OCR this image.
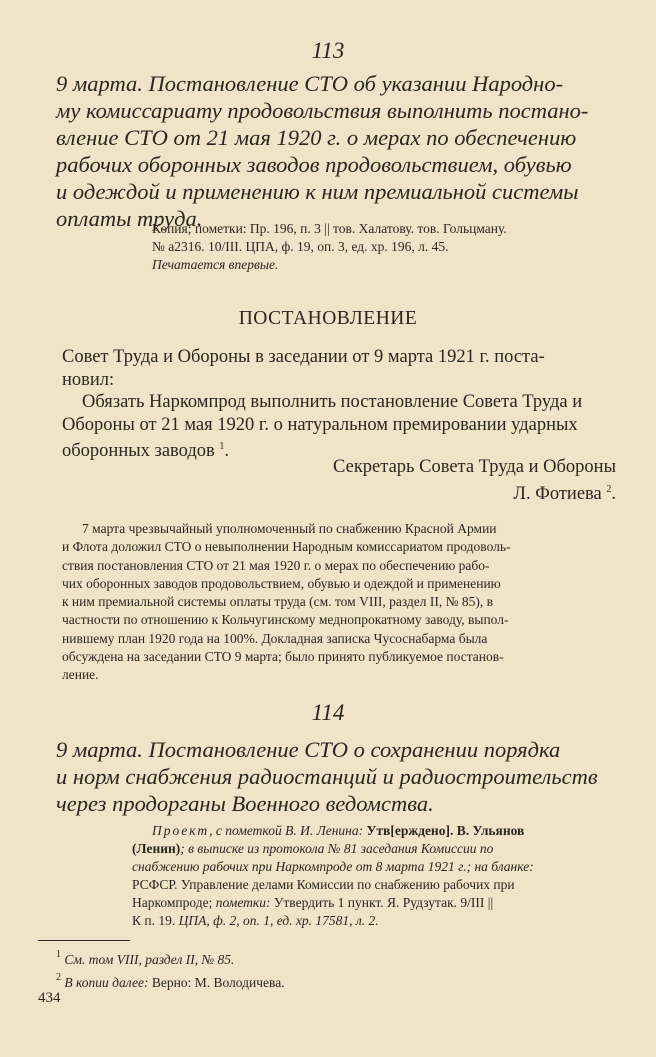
113
9 марта. Постановление СТО об указании Народно-
му комиссариату продовольствия выполнить постано-
вление СТО от 21 мая 1920 г. о мерах по обеспечению
рабочих оборонных заводов продовольствием, обувью
и одеждой и применению к ним премиальной системы
оплаты труда.
Копия; пометки: Пр. 196, п. 3 || тов. Халатову. тов. Гольцману.
№ а2316. 10/III. ЦПА, ф. 19, оп. 3, ед. хр. 196, л. 45.
Печатается впервые.
ПОСТАНОВЛЕНИЕ
Совет Труда и Обороны в заседании от 9 марта 1921 г. поста-
новил:
Обязать Наркомпрод выполнить постановление Совета Труда и
Обороны от 21 мая 1920 г. о натуральном премировании ударных
оборонных заводов $^1$.
Секретарь Совета Труда и Обороны
Л. Фотиева $^2$.
7 марта чрезвычайный уполномоченный по снабжению Красной Армии
и Флота доложил СТО о невыполнении Народным комиссариатом продоволь-
ствия постановления СТО от 21 мая 1920 г. о мерах по обеспечению рабо-
чих оборонных заводов продовольствием, обувью и одеждой и применению
к ним премиальной системы оплаты труда (см. том VIII, раздел II, № 85), в
частности по отношению к Кольчугинскому меднопрокатному заводу, выпол-
нившему план 1920 года на 100%. Докладная записка Чусоснабарма была
обсуждена на заседании СТО 9 марта; было принято публикуемое постанов-
ление.
114
9 марта. Постановление СТО о сохранении порядка
и норм снабжения радиостанций и радиостроительств
через продорганы Военного ведомства.
Проект, с пометкой В. И. Ленина: Утв[ерждено]. В. Ульянов
(Ленин); в выписке из протокола № 81 заседания Комиссии по
снабжению рабочих при Наркомпроде от 8 марта 1921 г.; на бланке:
РСФСР. Управление делами Комиссии по снабжению рабочих при
Наркомпроде; пометки: Утвердить 1 пункт. Я. Рудзутак. 9/III ||
К п. 19. ЦПА, ф. 2, оп. 1, ед. хр. 17581, л. 2.
$^1$ См. том VIII, раздел II, № 85.
$^2$ В копии далее: Верно: М. Володичева.
434
